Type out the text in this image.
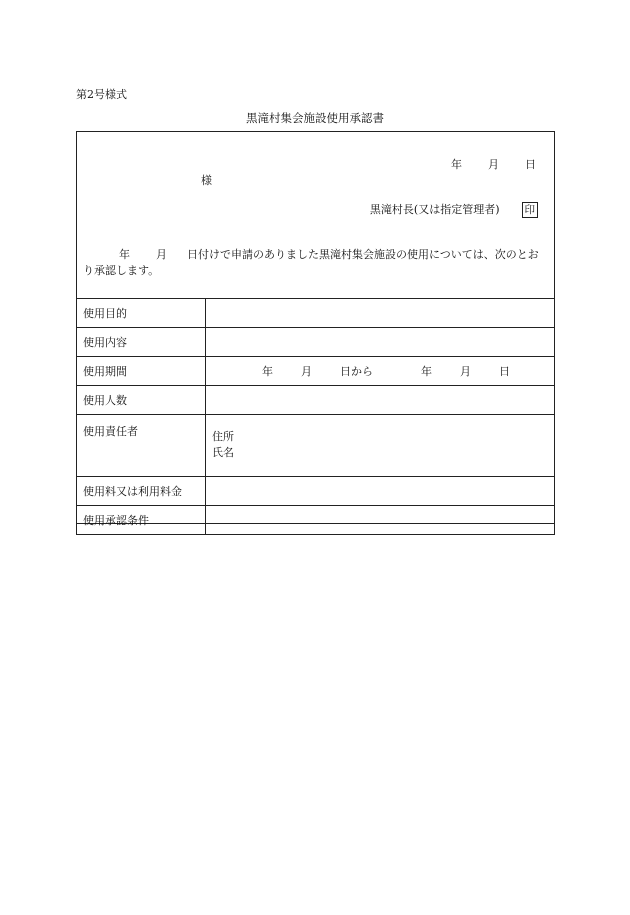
第2号様式
黒滝村集会施設使用承認書
年 月 日
様
黒滝村長(又は指定管理者) 印
年 月 日付けで申請のありました黒滝村集会施設の使用については、次のとおり承認します。
使用目的	
使用内容	
使用期間	年 月 日から 年 月 日

使用人数	
使用責任者	住所
氏名

使用料又は利用料金	
使用承認条件	
